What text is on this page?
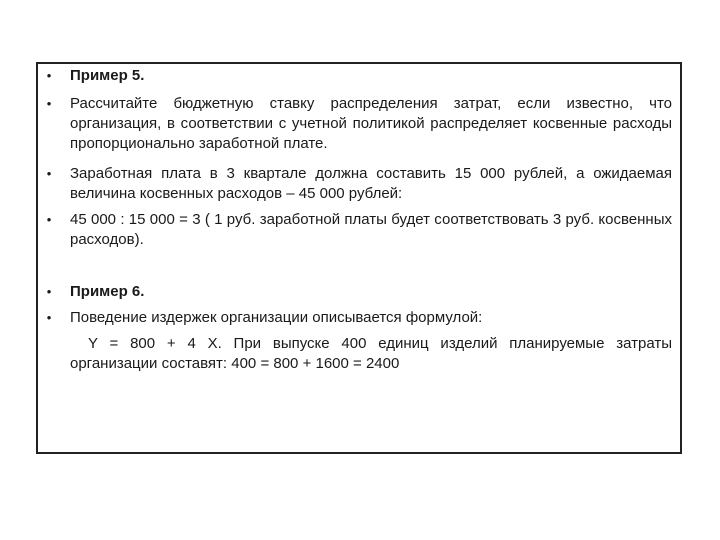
• Пример 5.
• Рассчитайте бюджетную ставку распределения затрат, если известно, что организация, в соответствии с учетной политикой распределяет косвенные расходы пропорционально заработной плате.
• Заработная плата в 3 квартале должна составить 15 000 рублей, а ожидаемая величина косвенных расходов – 45 000 рублей:
• 45 000 : 15 000 = 3 ( 1 руб. заработной платы будет соответствовать 3 руб. косвенных расходов).
• Пример 6.
• Поведение издержек организации описывается формулой:
Y = 800 + 4 X. При выпуске 400 единиц изделий планируемые затраты организации составят: 400 = 800 + 1600 = 2400
